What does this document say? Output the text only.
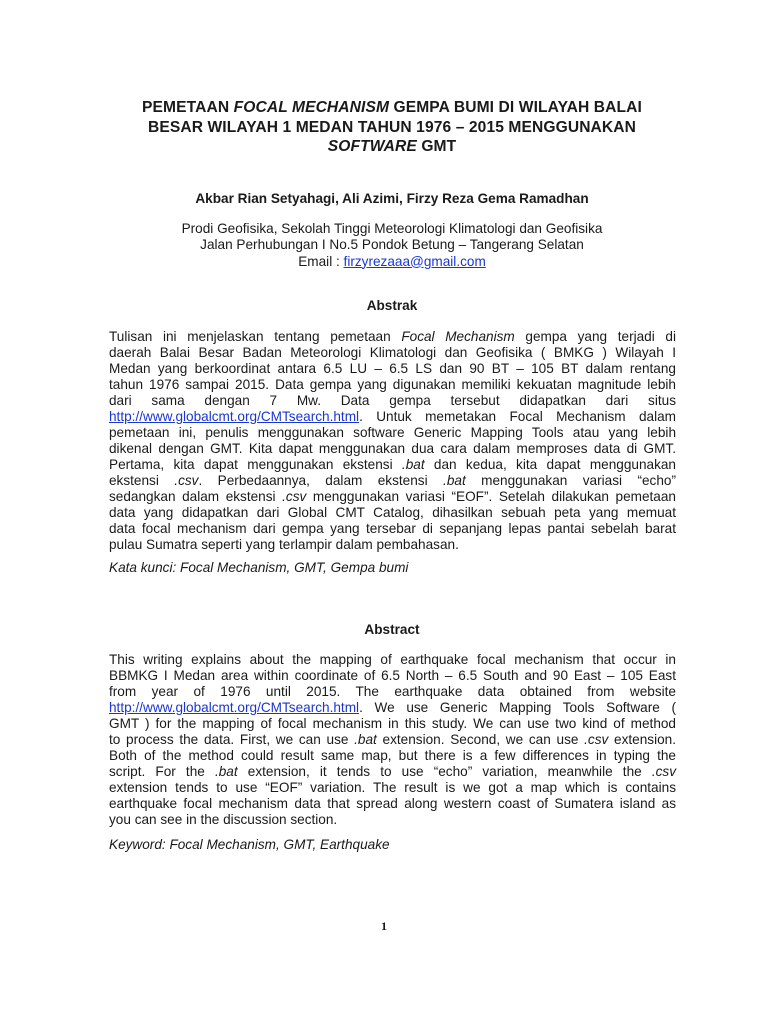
PEMETAAN FOCAL MECHANISM GEMPA BUMI DI WILAYAH BALAI
BESAR WILAYAH 1 MEDAN TAHUN 1976 – 2015 MENGGUNAKAN
SOFTWARE GMT
Akbar Rian Setyahagi, Ali Azimi, Firzy Reza Gema Ramadhan
Prodi Geofisika, Sekolah Tinggi Meteorologi Klimatologi dan Geofisika
Jalan Perhubungan I No.5 Pondok Betung – Tangerang Selatan
Email : firzyrezaaa@gmail.com
Abstrak
Tulisan ini menjelaskan tentang pemetaan Focal Mechanism gempa yang terjadi di
daerah Balai Besar Badan Meteorologi Klimatologi dan Geofisika ( BMKG ) Wilayah I
Medan yang berkoordinat antara 6.5 LU – 6.5 LS dan 90 BT – 105 BT dalam rentang
tahun 1976 sampai 2015. Data gempa yang digunakan memiliki kekuatan magnitude lebih
dari sama dengan 7 Mw. Data gempa tersebut didapatkan dari situs
http://www.globalcmt.org/CMTsearch.html. Untuk memetakan Focal Mechanism dalam
pemetaan ini, penulis menggunakan software Generic Mapping Tools atau yang lebih
dikenal dengan GMT. Kita dapat menggunakan dua cara dalam memproses data di GMT.
Pertama, kita dapat menggunakan ekstensi .bat dan kedua, kita dapat menggunakan
ekstensi .csv. Perbedaannya, dalam ekstensi .bat menggunakan variasi “echo”
sedangkan dalam ekstensi .csv menggunakan variasi “EOF”. Setelah dilakukan pemetaan
data yang didapatkan dari Global CMT Catalog, dihasilkan sebuah peta yang memuat
data focal mechanism dari gempa yang tersebar di sepanjang lepas pantai sebelah barat
pulau Sumatra seperti yang terlampir dalam pembahasan.
Kata kunci: Focal Mechanism, GMT, Gempa bumi
Abstract
This writing explains about the mapping of earthquake focal mechanism that occur in
BBMKG I Medan area within coordinate of 6.5 North – 6.5 South and 90 East – 105 East
from year of 1976 until 2015. The earthquake data obtained from website
http://www.globalcmt.org/CMTsearch.html. We use Generic Mapping Tools Software (
GMT ) for the mapping of focal mechanism in this study. We can use two kind of method
to process the data. First, we can use .bat extension. Second, we can use .csv extension.
Both of the method could result same map, but there is a few differences in typing the
script. For the .bat extension, it tends to use “echo” variation, meanwhile the .csv
extension tends to use “EOF” variation. The result is we got a map which is contains
earthquake focal mechanism data that spread along western coast of Sumatera island as
you can see in the discussion section.
Keyword: Focal Mechanism, GMT, Earthquake
1
